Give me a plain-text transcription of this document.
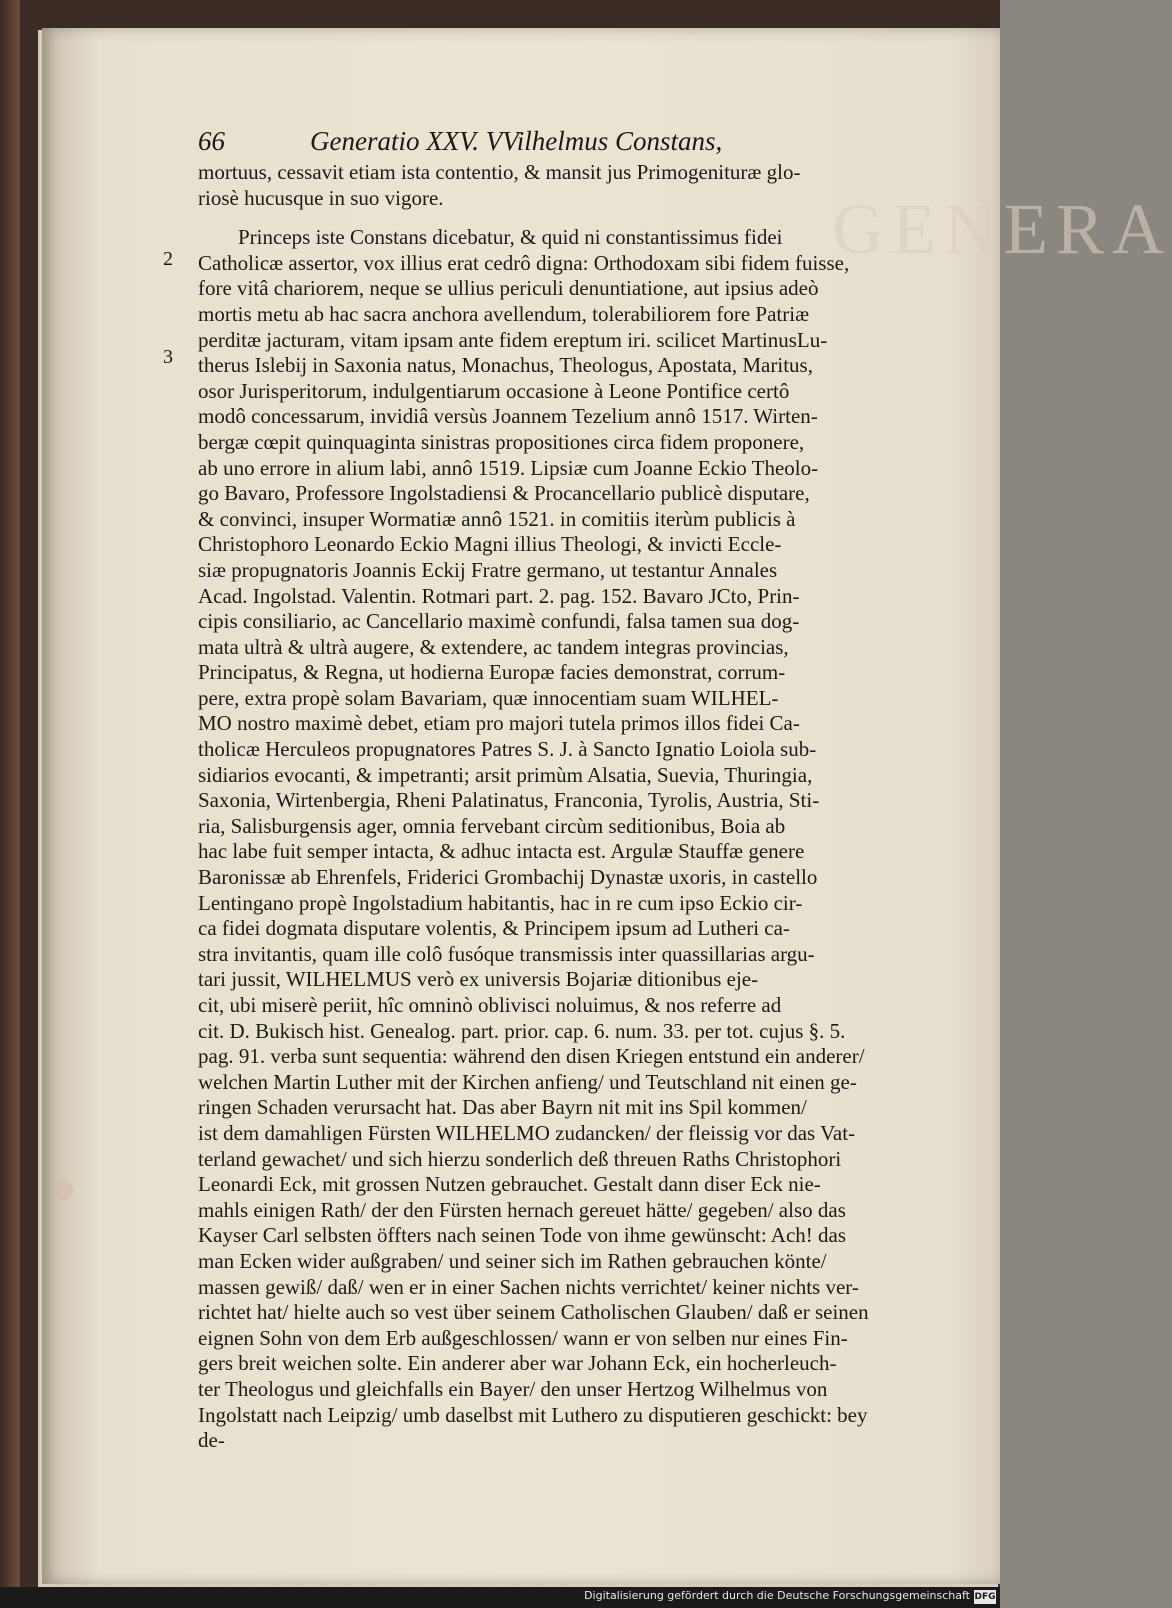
GENERA
66	Generatio XXV. VVilhelmus Constans,
2
3
mortuus, cessavit etiam ista contentio, & mansit jus Primogenituræ glo-
riosè hucusque in suo vigore.
Princeps iste Constans dicebatur, & quid ni constantissimus fidei
Catholicæ assertor, vox illius erat cedrô digna: Orthodoxam sibi fidem fuisse,
fore vitâ chariorem, neque se ullius periculi denuntiatione, aut ipsius adeò
mortis metu ab hac sacra anchora avellendum, tolerabiliorem fore Patriæ
perditæ jacturam, vitam ipsam ante fidem ereptum iri. scilicet MartinusLu-
therus Islebij in Saxonia natus, Monachus, Theologus, Apostata, Maritus,
osor Jurisperitorum, indulgentiarum occasione à Leone Pontifice certô
modô concessarum, invidiâ versùs Joannem Tezelium annô 1517. Wirten-
bergæ cœpit quinquaginta sinistras propositiones circa fidem proponere,
ab uno errore in alium labi, annô 1519. Lipsiæ cum Joanne Eckio Theolo-
go Bavaro, Professore Ingolstadiensi & Procancellario publicè disputare,
& convinci, insuper Wormatiæ annô 1521. in comitiis iterùm publicis à
Christophoro Leonardo Eckio Magni illius Theologi, & invicti Eccle-
siæ propugnatoris Joannis Eckij Fratre germano, ut testantur Annales
Acad. Ingolstad. Valentin. Rotmari part. 2. pag. 152. Bavaro JCto, Prin-
cipis consiliario, ac Cancellario maximè confundi, falsa tamen sua dog-
mata ultrà & ultrà augere, & extendere, ac tandem integras provincias,
Principatus, & Regna, ut hodierna Europæ facies demonstrat, corrum-
pere, extra propè solam Bavariam, quæ innocentiam suam WILHEL-
MO nostro maximè debet, etiam pro majori tutela primos illos fidei Ca-
tholicæ Herculeos propugnatores Patres S. J. à Sancto Ignatio Loiola sub-
sidiarios evocanti, & impetranti; arsit primùm Alsatia, Suevia, Thuringia,
Saxonia, Wirtenbergia, Rheni Palatinatus, Franconia, Tyrolis, Austria, Sti-
ria, Salisburgensis ager, omnia fervebant circùm seditionibus, Boia ab
hac labe fuit semper intacta, & adhuc intacta est. Argulæ Stauffæ genere
Baronissæ ab Ehrenfels, Friderici Grombachij Dynastæ uxoris, in castello
Lentingano propè Ingolstadium habitantis, hac in re cum ipso Eckio cir-
ca fidei dogmata disputare volentis, & Principem ipsum ad Lutheri ca-
stra invitantis, quam ille colô fusóque transmissis inter quassillarias argu-
tari jussit, WILHELMUS verò ex universis Bojariæ ditionibus eje-
cit, ubi miserè periit, hîc omninò oblivisci noluimus, & nos referre ad
cit. D. Bukisch hist. Genealog. part. prior. cap. 6. num. 33. per tot. cujus §. 5.
pag. 91. verba sunt sequentia: während den disen Kriegen entstund ein anderer/
welchen Martin Luther mit der Kirchen anfieng/ und Teutschland nit einen ge-
ringen Schaden verursacht hat. Das aber Bayrn nit mit ins Spil kommen/
ist dem damahligen Fürsten WILHELMO zudancken/ der fleissig vor das Vat-
terland gewachet/ und sich hierzu sonderlich deß threuen Raths Christophori
Leonardi Eck, mit grossen Nutzen gebrauchet. Gestalt dann diser Eck nie-
mahls einigen Rath/ der den Fürsten hernach gereuet hätte/ gegeben/ also das
Kayser Carl selbsten öffters nach seinen Tode von ihme gewünscht: Ach! das
man Ecken wider außgraben/ und seiner sich im Rathen gebrauchen könte/
massen gewiß/ daß/ wen er in einer Sachen nichts verrichtet/ keiner nichts ver-
richtet hat/ hielte auch so vest über seinem Catholischen Glauben/ daß er seinen
eignen Sohn von dem Erb außgeschlossen/ wann er von selben nur eines Fin-
gers breit weichen solte. Ein anderer aber war Johann Eck, ein hocherleuch-
ter Theologus und gleichfalls ein Bayer/ den unser Hertzog Wilhelmus von
Ingolstatt nach Leipzig/ umb daselbst mit Luthero zu disputieren geschickt: bey
de-
Digitalisierung gefördert durch die Deutsche Forschungsgemeinschaft DFG
